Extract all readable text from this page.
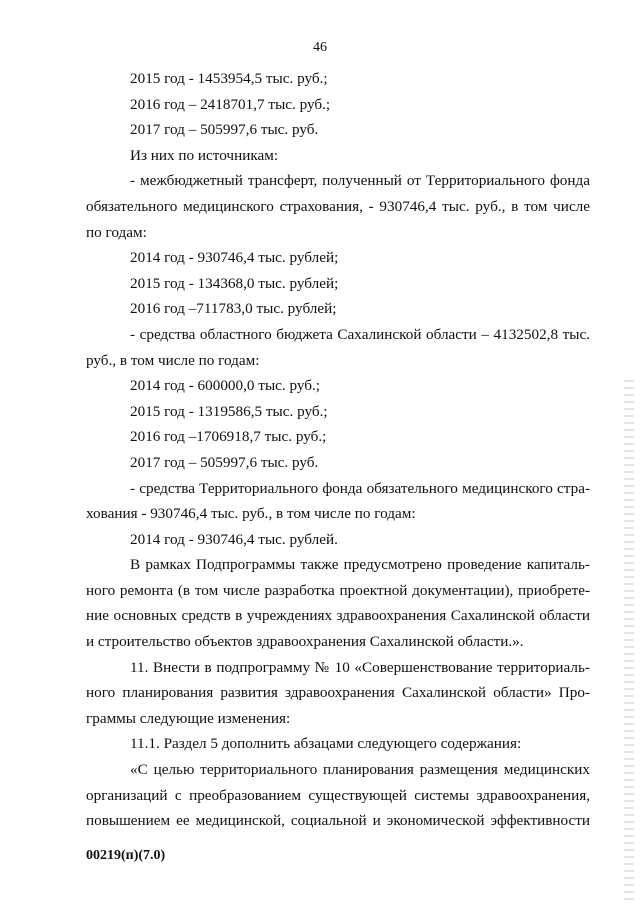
46
2015 год - 1453954,5 тыс. руб.;
2016 год – 2418701,7 тыс. руб.;
2017 год – 505997,6 тыс. руб.
Из них по источникам:
- межбюджетный трансферт, полученный от Территориального фонда
обязательного медицинского страхования, - 930746,4 тыс. руб., в том числе
по годам:
2014 год - 930746,4 тыс. рублей;
2015 год - 134368,0 тыс. рублей;
2016 год –711783,0 тыс. рублей;
- средства областного бюджета Сахалинской области – 4132502,8 тыс.
руб., в том числе по годам:
2014 год - 600000,0 тыс. руб.;
2015 год - 1319586,5 тыс. руб.;
2016 год –1706918,7 тыс. руб.;
2017 год – 505997,6 тыс. руб.
- средства Территориального фонда обязательного медицинского стра-
хования - 930746,4 тыс. руб., в том числе по годам:
2014 год - 930746,4 тыс. рублей.
В рамках Подпрограммы также предусмотрено проведение капиталь-
ного ремонта (в том числе разработка проектной документации), приобрете-
ние основных средств в учреждениях здравоохранения Сахалинской области
и строительство объектов здравоохранения Сахалинской области.».
11. Внести в подпрограмму № 10 «Совершенствование территориаль-
ного планирования развития здравоохранения Сахалинской области» Про-
граммы следующие изменения:
11.1. Раздел 5 дополнить абзацами следующего содержания:
«С целью территориального планирования размещения медицинских
организаций с преобразованием существующей системы здравоохранения,
повышением ее медицинской, социальной и экономической эффективности
00219(п)(7.0)
